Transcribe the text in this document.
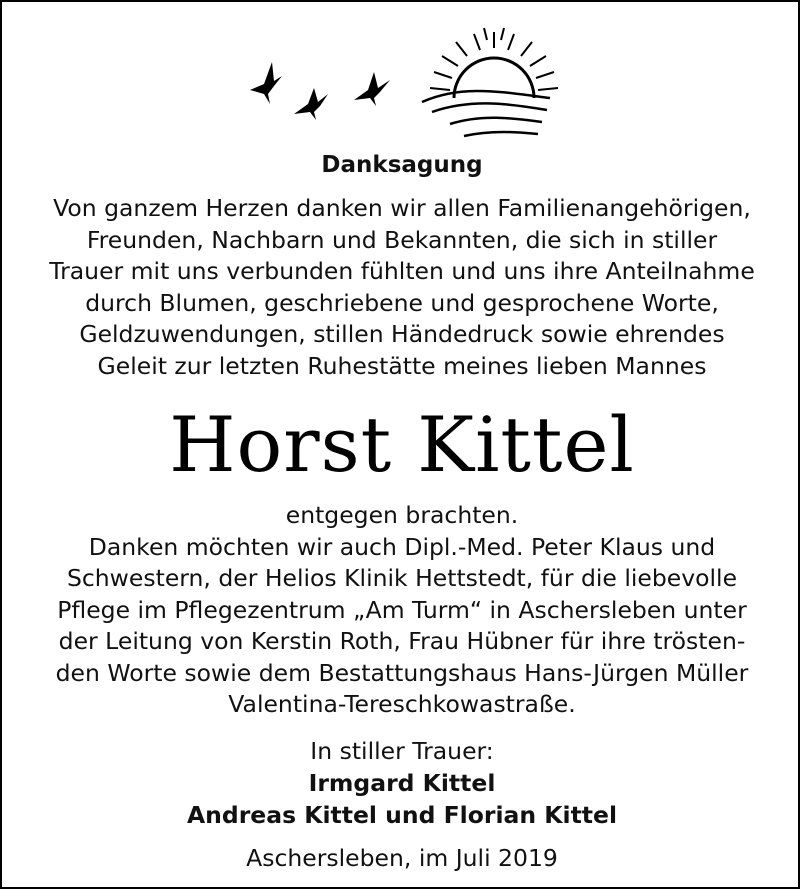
Danksagung
Von ganzem Herzen danken wir allen Familienangehörigen,
Freunden, Nachbarn und Bekannten, die sich in stiller
Trauer mit uns verbunden fühlten und uns ihre Anteilnahme
durch Blumen, geschriebene und gesprochene Worte,
Geldzuwendungen, stillen Händedruck sowie ehrendes
Geleit zur letzten Ruhestätte meines lieben Mannes
Horst Kittel
entgegen brachten.
Danken möchten wir auch Dipl.-Med. Peter Klaus und
Schwestern, der Helios Klinik Hettstedt, für die liebevolle
Pflege im Pflegezentrum „Am Turm“ in Aschersleben unter
der Leitung von Kerstin Roth, Frau Hübner für ihre trösten-
den Worte sowie dem Bestattungshaus Hans-Jürgen Müller
Valentina-Tereschkowastraße.
In stiller Trauer:
Irmgard Kittel
Andreas Kittel und Florian Kittel
Aschersleben, im Juli 2019
